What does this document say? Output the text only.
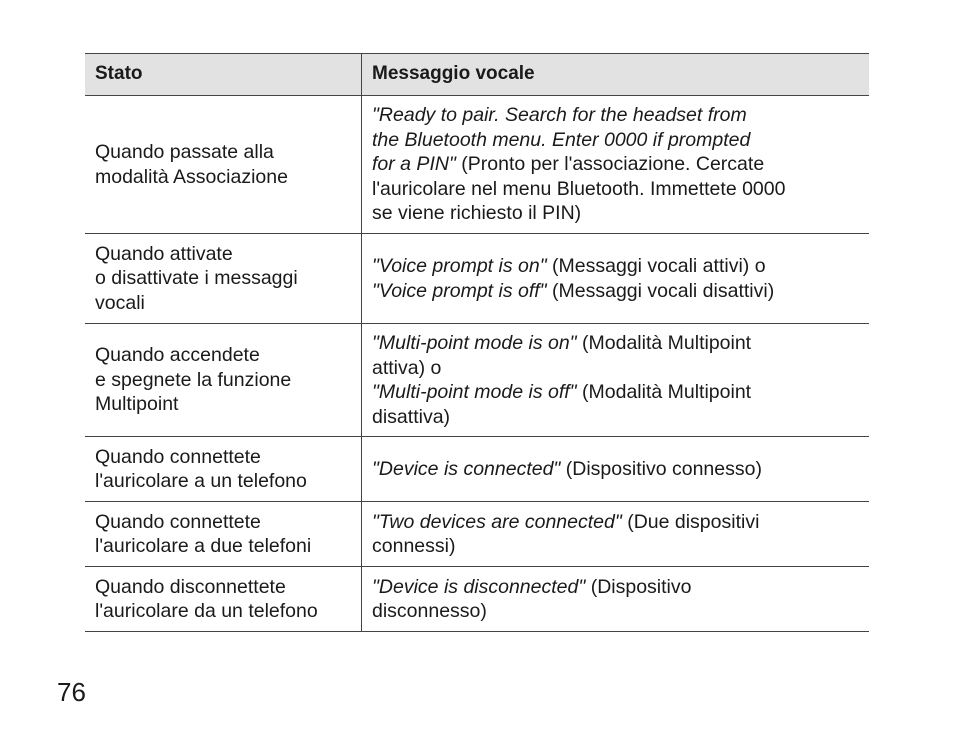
Stato	Messaggio vocale

Quando passate alla
modalità Associazione	"Ready to pair. Search for the headset from
the Bluetooth menu. Enter 0000 if prompted
for a PIN" (Pronto per l'associazione. Cercate
l'auricolare nel menu Bluetooth. Immettete 0000
se viene richiesto il PIN)

Quando attivate
o disattivate i messaggi
vocali	"Voice prompt is on" (Messaggi vocali attivi) o
"Voice prompt is off" (Messaggi vocali disattivi)

Quando accendete
e spegnete la funzione
Multipoint	"Multi-point mode is on" (Modalità Multipoint
attiva) o
"Multi-point mode is off" (Modalità Multipoint
disattiva)

Quando connettete
l'auricolare a un telefono	"Device is connected" (Dispositivo connesso)

Quando connettete
l'auricolare a due telefoni	"Two devices are connected" (Due dispositivi
connessi)

Quando disconnettete
l'auricolare da un telefono	"Device is disconnected" (Dispositivo
disconnesso)
76
